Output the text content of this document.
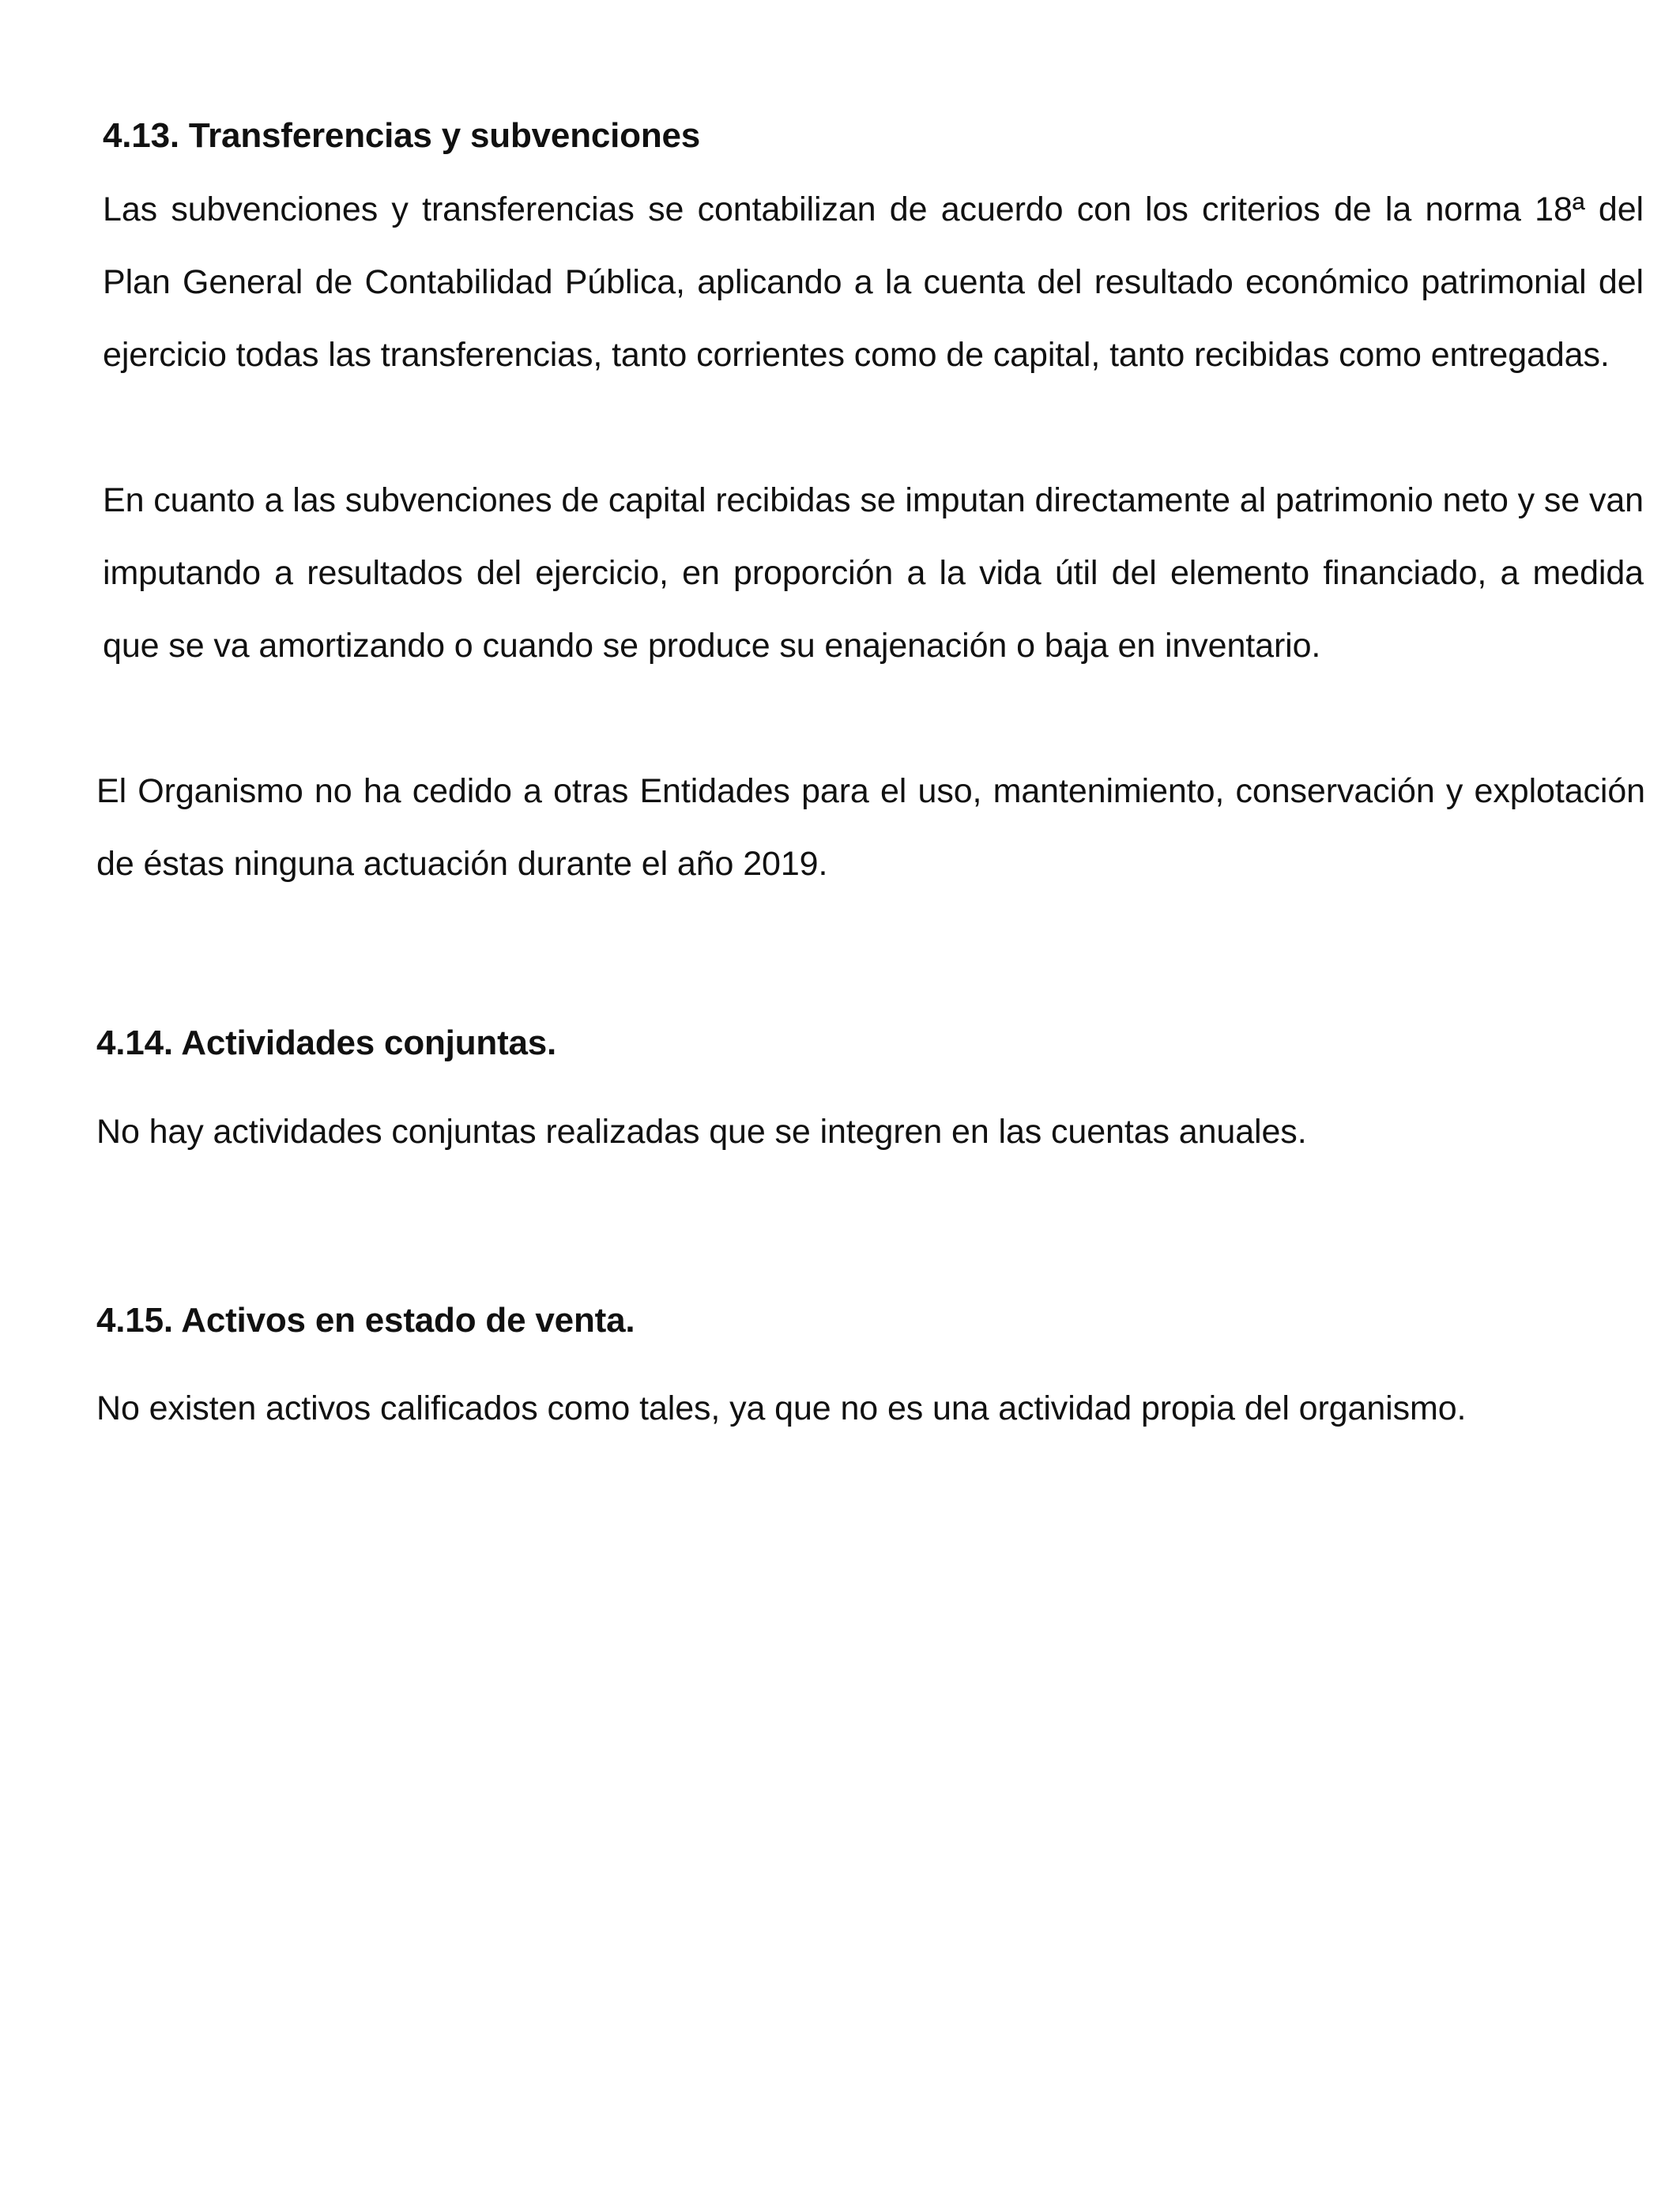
4.13. Transferencias y subvenciones

Las subvenciones y transferencias se contabilizan de acuerdo con los criterios de la norma 18ª del Plan General de Contabilidad Pública, aplicando a la cuenta del resultado económico patrimonial del ejercicio todas las transferencias, tanto corrientes como de capital, tanto recibidas como entregadas.

En cuanto a las subvenciones de capital recibidas se imputan directamente al patrimonio neto y se van imputando a resultados del ejercicio, en proporción a la vida útil del elemento financiado, a medida que se va amortizando o cuando se produce su enajenación o baja en inventario.

El Organismo no ha cedido a otras Entidades para el uso, mantenimiento, conservación y explotación de éstas ninguna actuación durante el año 2019.

4.14. Actividades conjuntas.

No hay actividades conjuntas realizadas que se integren en las cuentas anuales.

4.15. Activos en estado de venta.

No existen activos calificados como tales, ya que no es una actividad propia del organismo.
